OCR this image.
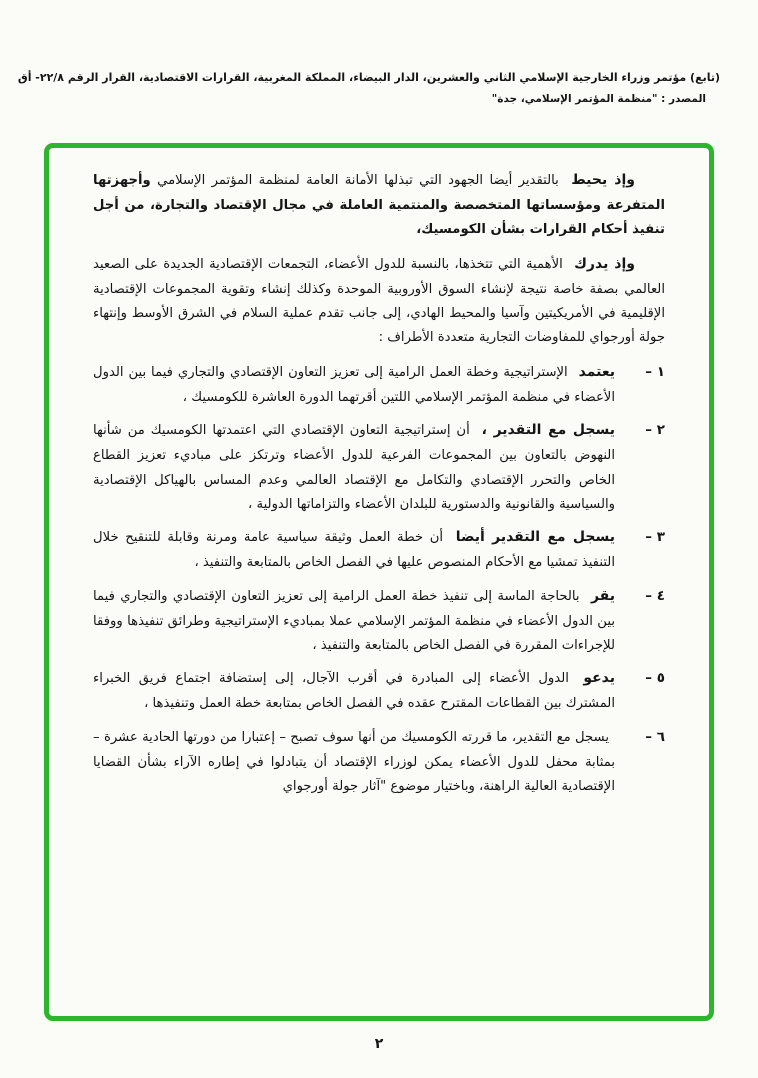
(تابع) مؤتمر وزراء الخارجية الإسلامي الثاني والعشرين، الدار البيضاء، المملكة المغربية، القرارات الاقتصادية، القرار الرقم ٢٢/٨- أق
المصدر : "منظمة المؤتمر الإسلامي، جدة"

وإذ يحيط بالتقدير أيضا الجهود التي تبذلها الأمانة العامة لمنظمة المؤتمر الإسلامي وأجهزتها المتفرعة ومؤسساتها المتخصصة والمنتمية العاملة في مجال الإقتصاد والتجارة، من أجل تنفيذ أحكام القرارات بشأن الكومسيك،

وإذ يدرك الأهمية التي تتخذها، بالنسبة للدول الأعضاء، التجمعات الإقتصادية الجديدة على الصعيد العالمي بصفة خاصة نتيجة لإنشاء السوق الأوروبية الموحدة وكذلك إنشاء وتقوية المجموعات الإقتصادية الإقليمية في الأمريكيتين وآسيا والمحيط الهادي، إلى جانب تقدم عملية السلام في الشرق الأوسط وإنتهاء جولة أورجواي للمفاوضات التجارية متعددة الأطراف :

١ –

يعتمد الإستراتيجية وخطة العمل الرامية إلى تعزيز التعاون الإقتصادي والتجاري فيما بين الدول الأعضاء في منظمة المؤتمر الإسلامي اللتين أقرتهما الدورة العاشرة للكومسيك ،

٢ –

يسجل مع التقدير ، أن إستراتيجية التعاون الإقتصادي التي اعتمدتها الكومسيك من شأنها النهوض بالتعاون بين المجموعات الفرعية للدول الأعضاء وترتكز على مباديء تعزيز القطاع الخاص والتحرر الإقتصادي والتكامل مع الإقتصاد العالمي وعدم المساس بالهياكل الإقتصادية والسياسية والقانونية والدستورية للبلدان الأعضاء والتزاماتها الدولية ،

٣ –

يسجل مع التقدير أيضا أن خطة العمل وثيقة سياسية عامة ومرنة وقابلة للتنقيح خلال التنفيذ تمشيا مع الأحكام المنصوص عليها في الفصل الخاص بالمتابعة والتنفيذ ،

٤ –

يقر بالحاجة الماسة إلى تنفيذ خطة العمل الرامية إلى تعزيز التعاون الإقتصادي والتجاري فيما بين الدول الأعضاء في منظمة المؤتمر الإسلامي عملا بمباديء الإستراتيجية وطرائق تنفيذها ووفقا للإجراءات المقررة في الفصل الخاص بالمتابعة والتنفيذ ،

٥ –

يدعو الدول الأعضاء إلى المبادرة في أقرب الآجال، إلى إستضافة اجتماع فريق الخبراء المشترك بين القطاعات المقترح عقده في الفصل الخاص بمتابعة خطة العمل وتنفيذها ،

٦ –

يسجل مع التقدير، ما قررته الكومسيك من أنها سوف تصبح – إعتبارا من دورتها الحادية عشرة – بمثابة محفل للدول الأعضاء يمكن لوزراء الإقتصاد أن يتبادلوا في إطاره الآراء بشأن القضايا الإقتصادية العالية الراهنة، وباختيار موضوع "آثار جولة أورجواي

٢
